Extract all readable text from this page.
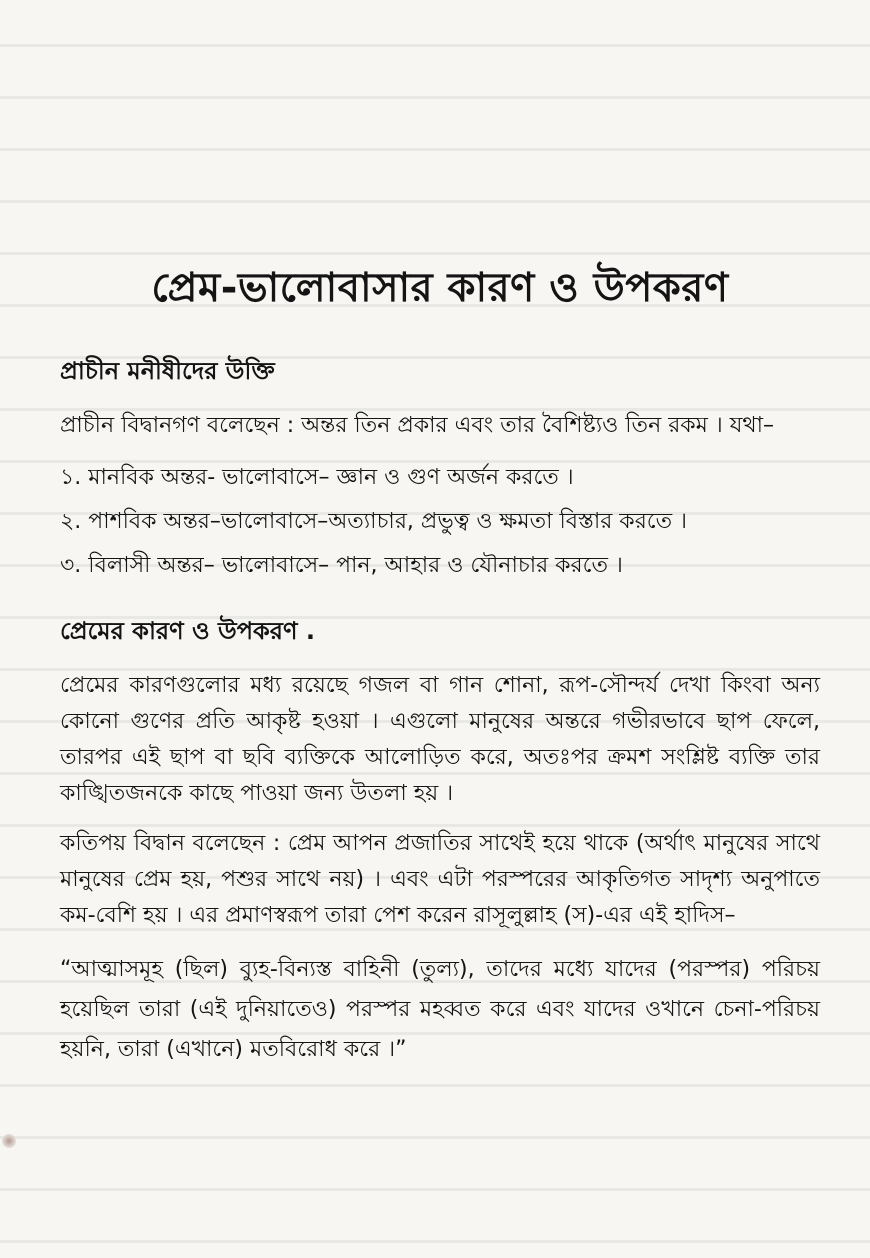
প্রেম-ভালোবাসার কারণ ও উপকরণ
প্রাচীন মনীষীদের উক্তি

প্রাচীন বিদ্বানগণ বলেছেন : অন্তর তিন প্রকার এবং তার বৈশিষ্ট্যও তিন রকম । যথা–

১. মানবিক অন্তর- ভালোবাসে– জ্ঞান ও গুণ অর্জন করতে ।
২. পাশবিক অন্তর–ভালোবাসে–অত্যাচার, প্রভুত্ব ও ক্ষমতা বিস্তার করতে ।
৩. বিলাসী অন্তর– ভালোবাসে– পান, আহার ও যৌনাচার করতে ।
প্রেমের কারণ ও উপকরণ .

প্রেমের কারণগুলোর মধ্য রয়েছে গজল বা গান শোনা, রূপ-সৌন্দর্য দেখা কিংবা অন্য কোনো গুণের প্রতি আকৃষ্ট হওয়া । এগুলো মানুষের অন্তরে গভীরভাবে ছাপ ফেলে, তারপর এই ছাপ বা ছবি ব্যক্তিকে আলোড়িত করে, অতঃপর ক্রমশ সংশ্লিষ্ট ব্যক্তি তার কাঙ্খিতজনকে কাছে পাওয়া জন্য উতলা হয় ।

কতিপয় বিদ্বান বলেছেন : প্রেম আপন প্রজাতির সাথেই হয়ে থাকে (অর্থাৎ মানুষের সাথে মানুষের প্রেম হয়, পশুর সাথে নয়) । এবং এটা পরস্পরের আকৃতিগত সাদৃশ্য অনুপাতে কম-বেশি হয় । এর প্রমাণস্বরূপ তারা পেশ করেন রাসূলুল্লাহ (স)-এর এই হাদিস–

“আত্মাসমূহ (ছিল) ব্যুহ-বিন্যস্ত বাহিনী (তুল্য), তাদের মধ্যে যাদের (পরস্পর) পরিচয় হয়েছিল তারা (এই দুনিয়াতেও) পরস্পর মহব্বত করে এবং যাদের ওখানে চেনা-পরিচয় হয়নি, তারা (এখানে) মতবিরোধ করে ।”
